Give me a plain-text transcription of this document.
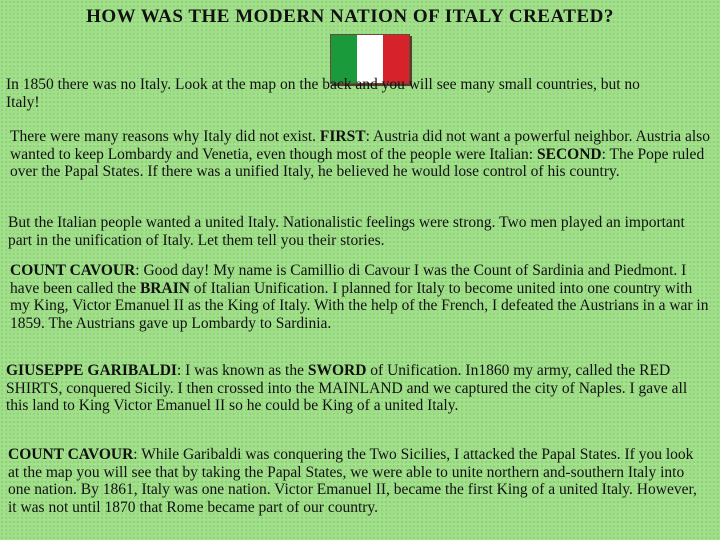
HOW WAS THE MODERN NATION OF ITALY CREATED?

In 1850 there was no Italy. Look at the map on the back and you will see many small countries, but no Italy!

There were many reasons why Italy did not exist. FIRST: Austria did not want a powerful neighbor. Austria also wanted to keep Lombardy and Venetia, even though most of the people were Italian: SECOND: The Pope ruled over the Papal States. If there was a unified Italy, he believed he would lose control of his country.

But the Italian people wanted a united Italy. Nationalistic feelings were strong. Two men played an important part in the unification of Italy. Let them tell you their stories.

COUNT CAVOUR: Good day! My name is Camillio di Cavour I was the Count of Sardinia and Piedmont. I have been called the BRAIN of Italian Unification. I planned for Italy to become united into one country with my King, Victor Emanuel II as the King of Italy. With the help of the French, I defeated the Austrians in a war in 1859. The Austrians gave up Lombardy to Sardinia.

GIUSEPPE GARIBALDI: I was known as the SWORD of Unification. In1860 my army, called the RED SHIRTS, conquered Sicily. I then crossed into the MAINLAND and we captured the city of Naples. I gave all this land to King Victor Emanuel II so he could be King of a united Italy.

COUNT CAVOUR: While Garibaldi was conquering the Two Sicilies, I attacked the Papal States. If you look at the map you will see that by taking the Papal States, we were able to unite northern and-southern Italy into one nation. By 1861, Italy was one nation. Victor Emanuel II, became the first King of a united Italy. However, it was not until 1870 that Rome became part of our country.
